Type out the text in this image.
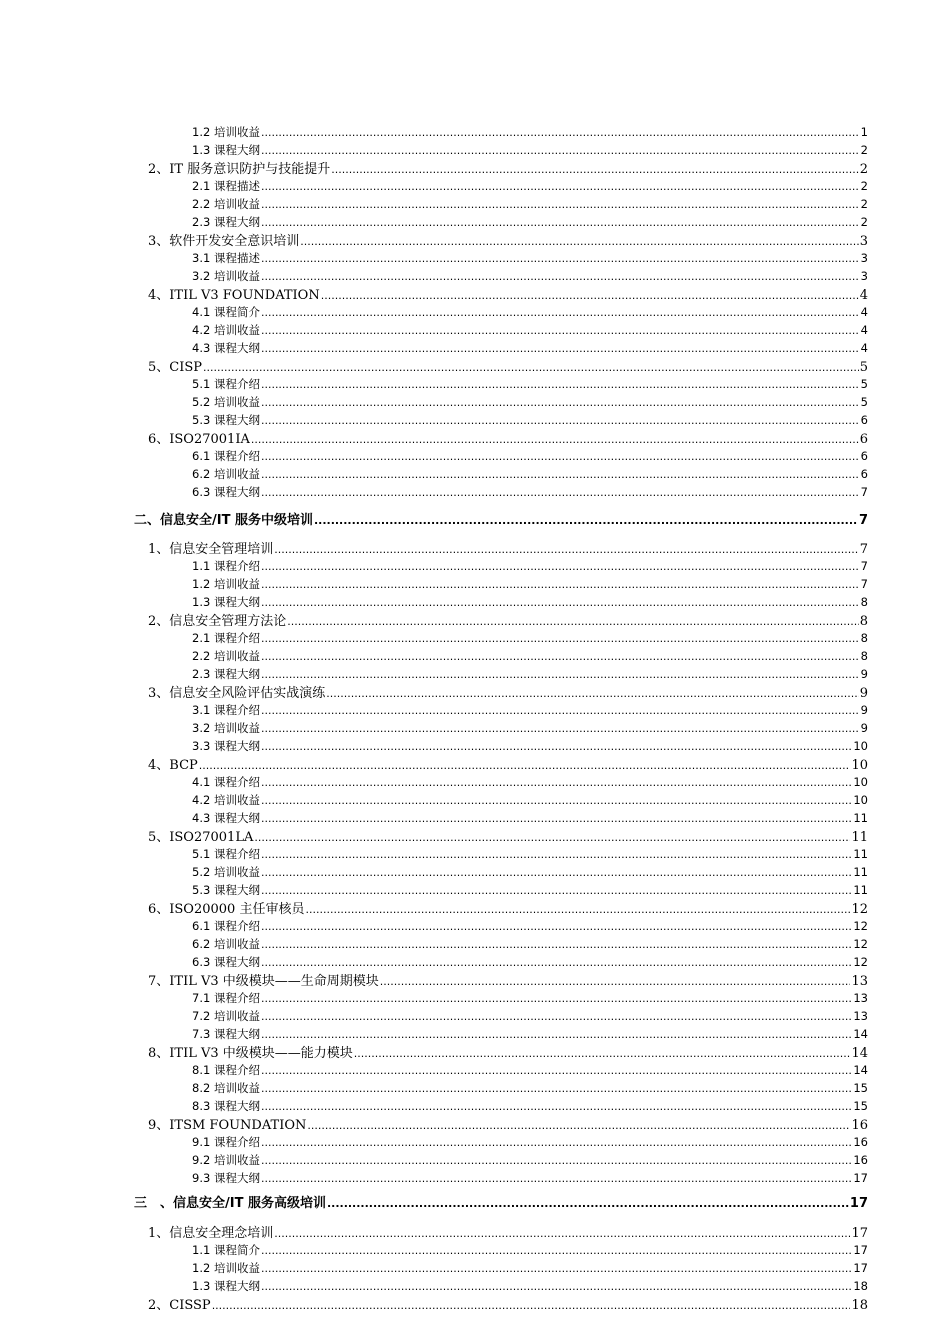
1.2 培训收益 .....	1
1.3 课程大纲 .....	2
2、IT 服务意识防护与技能提升 .....	2
2.1 课程描述 .....	2
2.2 培训收益 .....	2
2.3 课程大纲 .....	2
3、软件开发安全意识培训 .....	3
3.1 课程描述 .....	3
3.2 培训收益 .....	3
4、ITIL V3 FOUNDATION .....	4
4.1 课程简介 .....	4
4.2 培训收益 .....	4
4.3 课程大纲 .....	4
5、CISP .....	5
5.1 课程介绍 .....	5
5.2 培训收益 .....	5
5.3 课程大纲 .....	6
6、ISO27001IA .....	6
6.1 课程介绍 .....	6
6.2 培训收益 .....	6
6.3 课程大纲 .....	7
二、信息安全/IT 服务中级培训 .....	7
1、信息安全管理培训 .....	7
1.1 课程介绍 .....	7
1.2 培训收益 .....	7
1.3 课程大纲 .....	8
2、信息安全管理方法论 .....	8
2.1 课程介绍 .....	8
2.2 培训收益 .....	8
2.3 课程大纲 .....	9
3、信息安全风险评估实战演练 .....	9
3.1 课程介绍 .....	9
3.2 培训收益 .....	9
3.3 课程大纲 .....	10
4、BCP .....	10
4.1 课程介绍 .....	10
4.2 培训收益 .....	10
4.3 课程大纲 .....	11
5、ISO27001LA .....	11
5.1 课程介绍 .....	11
5.2 培训收益 .....	11
5.3 课程大纲 .....	11
6、ISO20000 主任审核员 .....	12
6.1 课程介绍 .....	12
6.2 培训收益 .....	12
6.3 课程大纲 .....	12
7、ITIL V3 中级模块——生命周期模块 .....	13
7.1 课程介绍 .....	13
7.2 培训收益 .....	13
7.3 课程大纲 .....	14
8、ITIL V3 中级模块——能力模块 .....	14
8.1 课程介绍 .....	14
8.2 培训收益 .....	15
8.3 课程大纲 .....	15
9、ITSM FOUNDATION .....	16
9.1 课程介绍 .....	16
9.2 培训收益 .....	16
9.3 课程大纲 .....	17
三　、信息安全/IT 服务高级培训 .....	17
1、信息安全理念培训 .....	17
1.1 课程简介 .....	17
1.2 培训收益 .....	17
1.3 课程大纲 .....	18
2、CISSP .....	18
